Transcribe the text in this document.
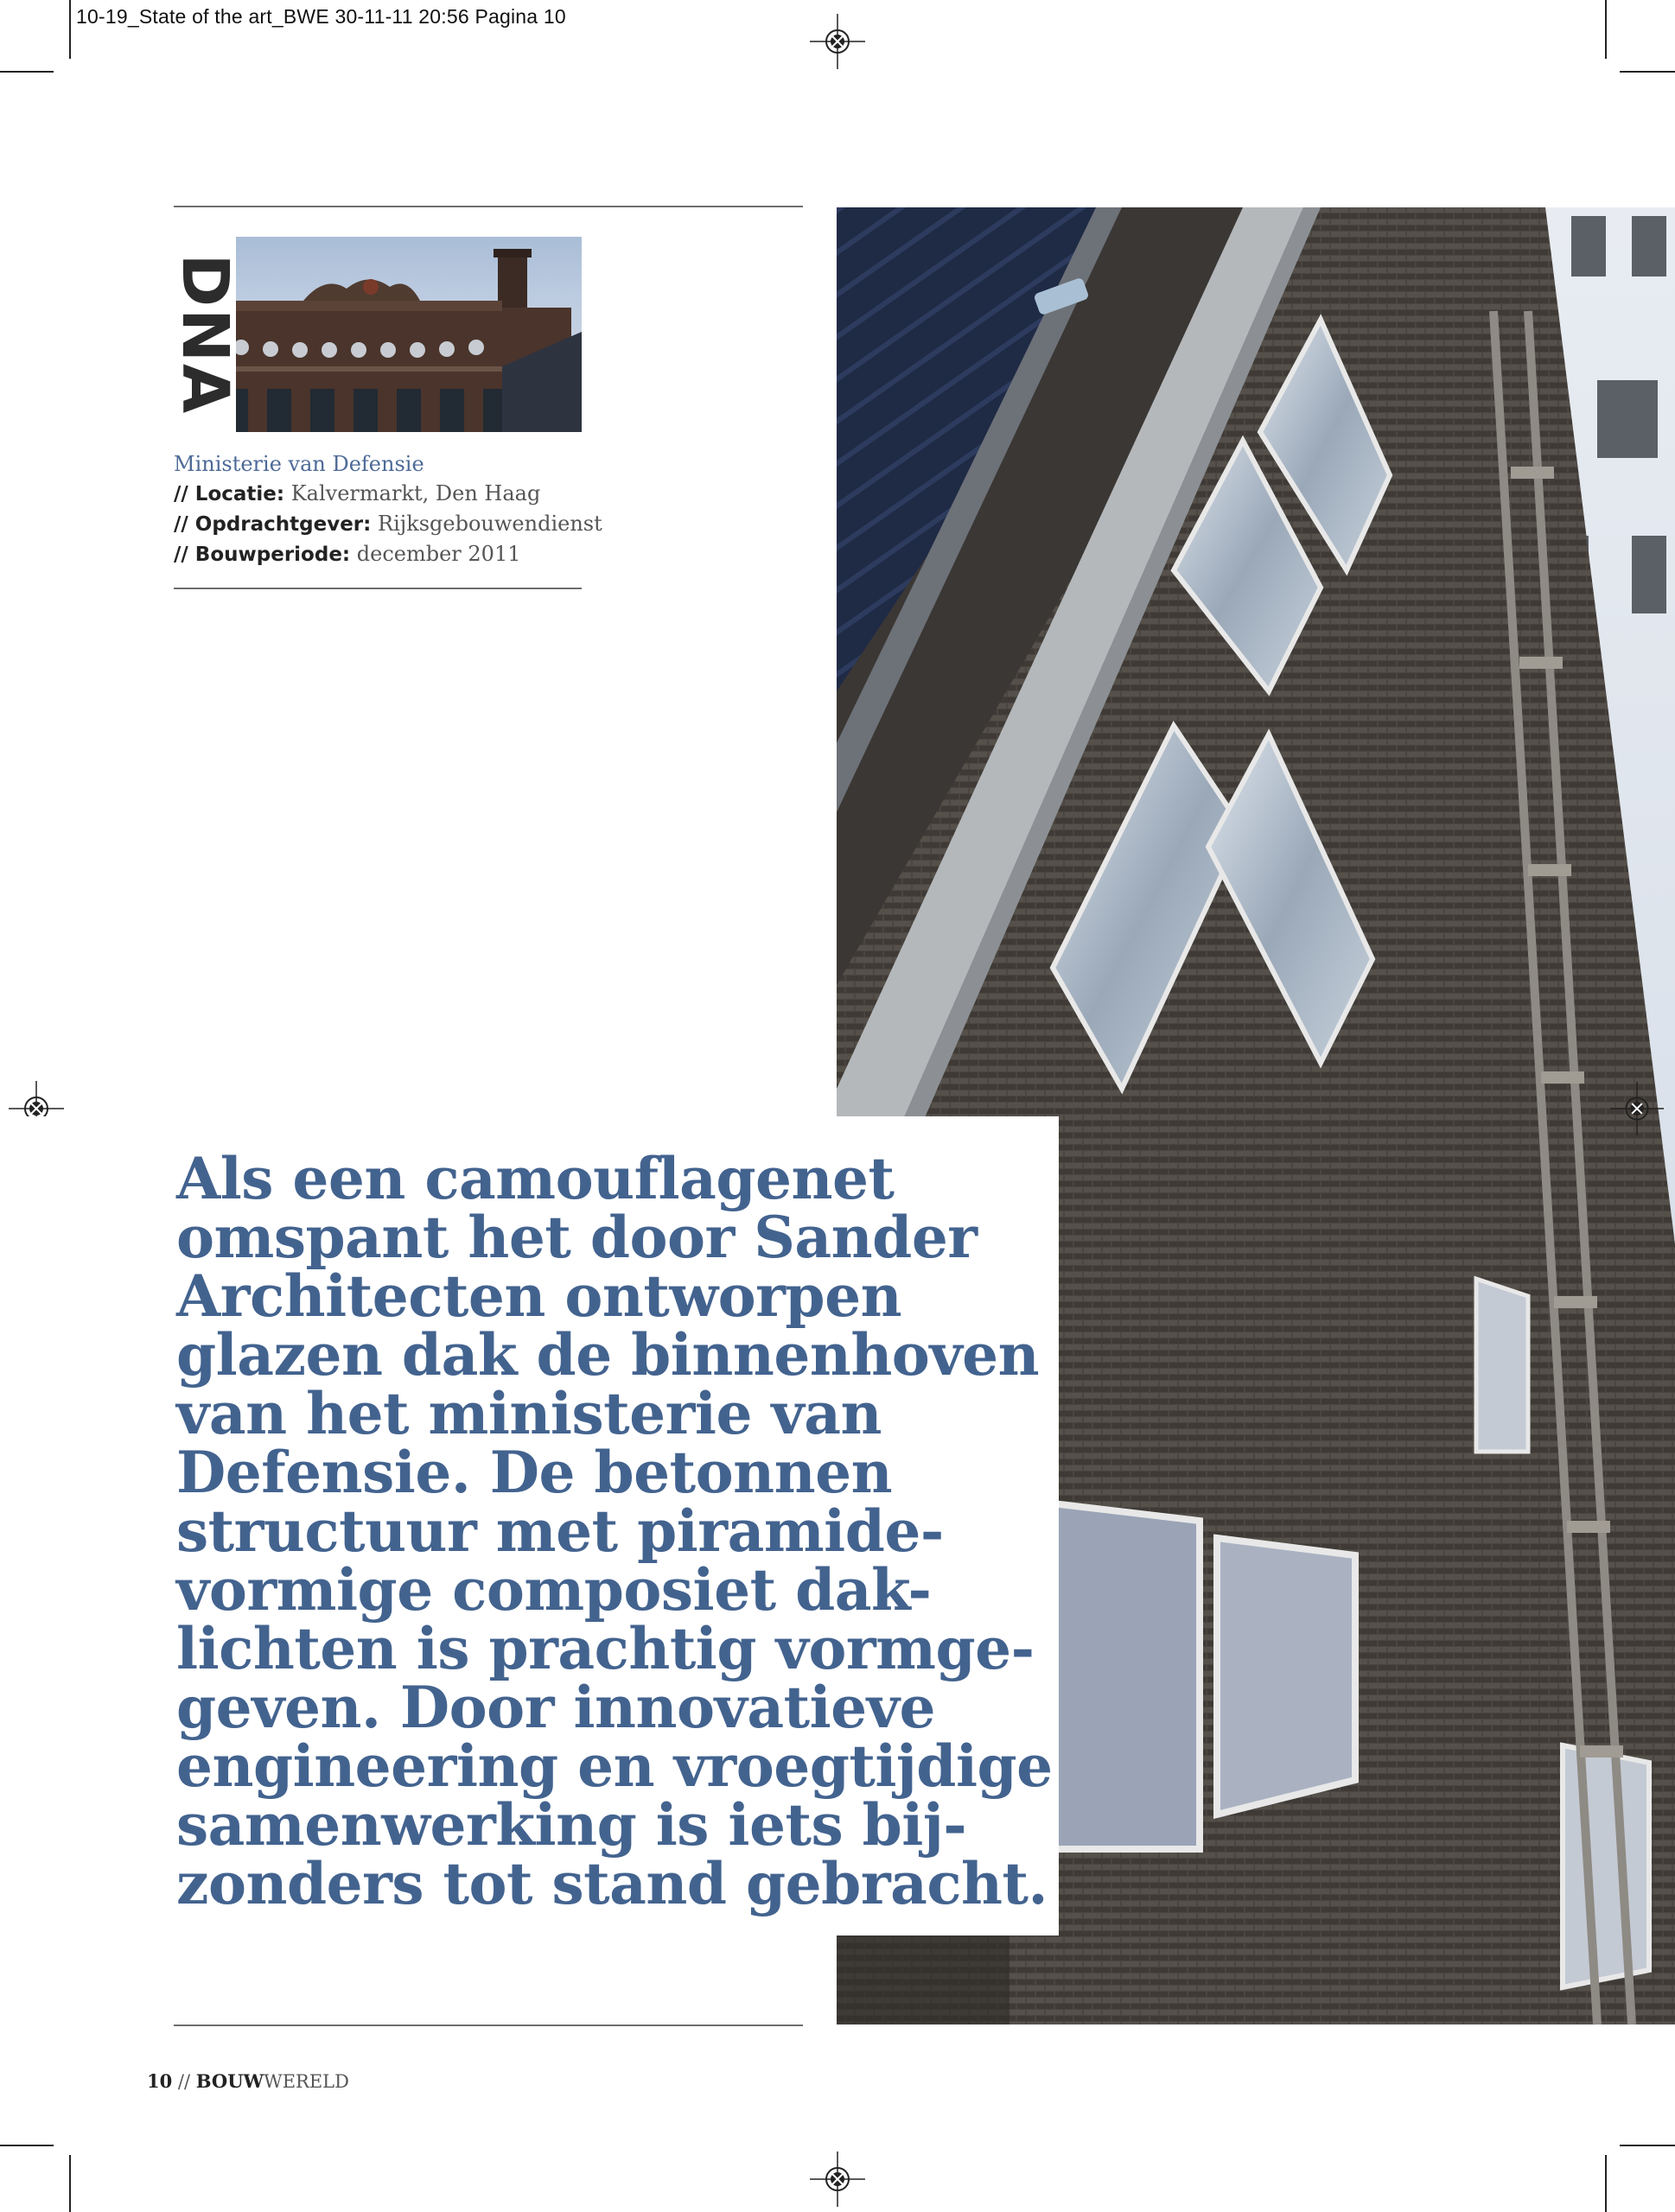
10-19_State of the art_BWE 30-11-11 20:56 Pagina 10
DNA
Ministerie van Defensie
// Locatie: Kalvermarkt, Den Haag
// Opdrachtgever: Rijksgebouwendienst
// Bouwperiode: december 2011
Als een camouflagenet
omspant het door Sander
Architecten ontworpen
glazen dak de binnenhoven
van het ministerie van
Defensie. De betonnen
structuur met piramide-
vormige composiet dak-
lichten is prachtig vormge-
geven. Door innovatieve
engineering en vroegtijdige
samenwerking is iets bij-
zonders tot stand gebracht.
10 // BOUWWERELD
